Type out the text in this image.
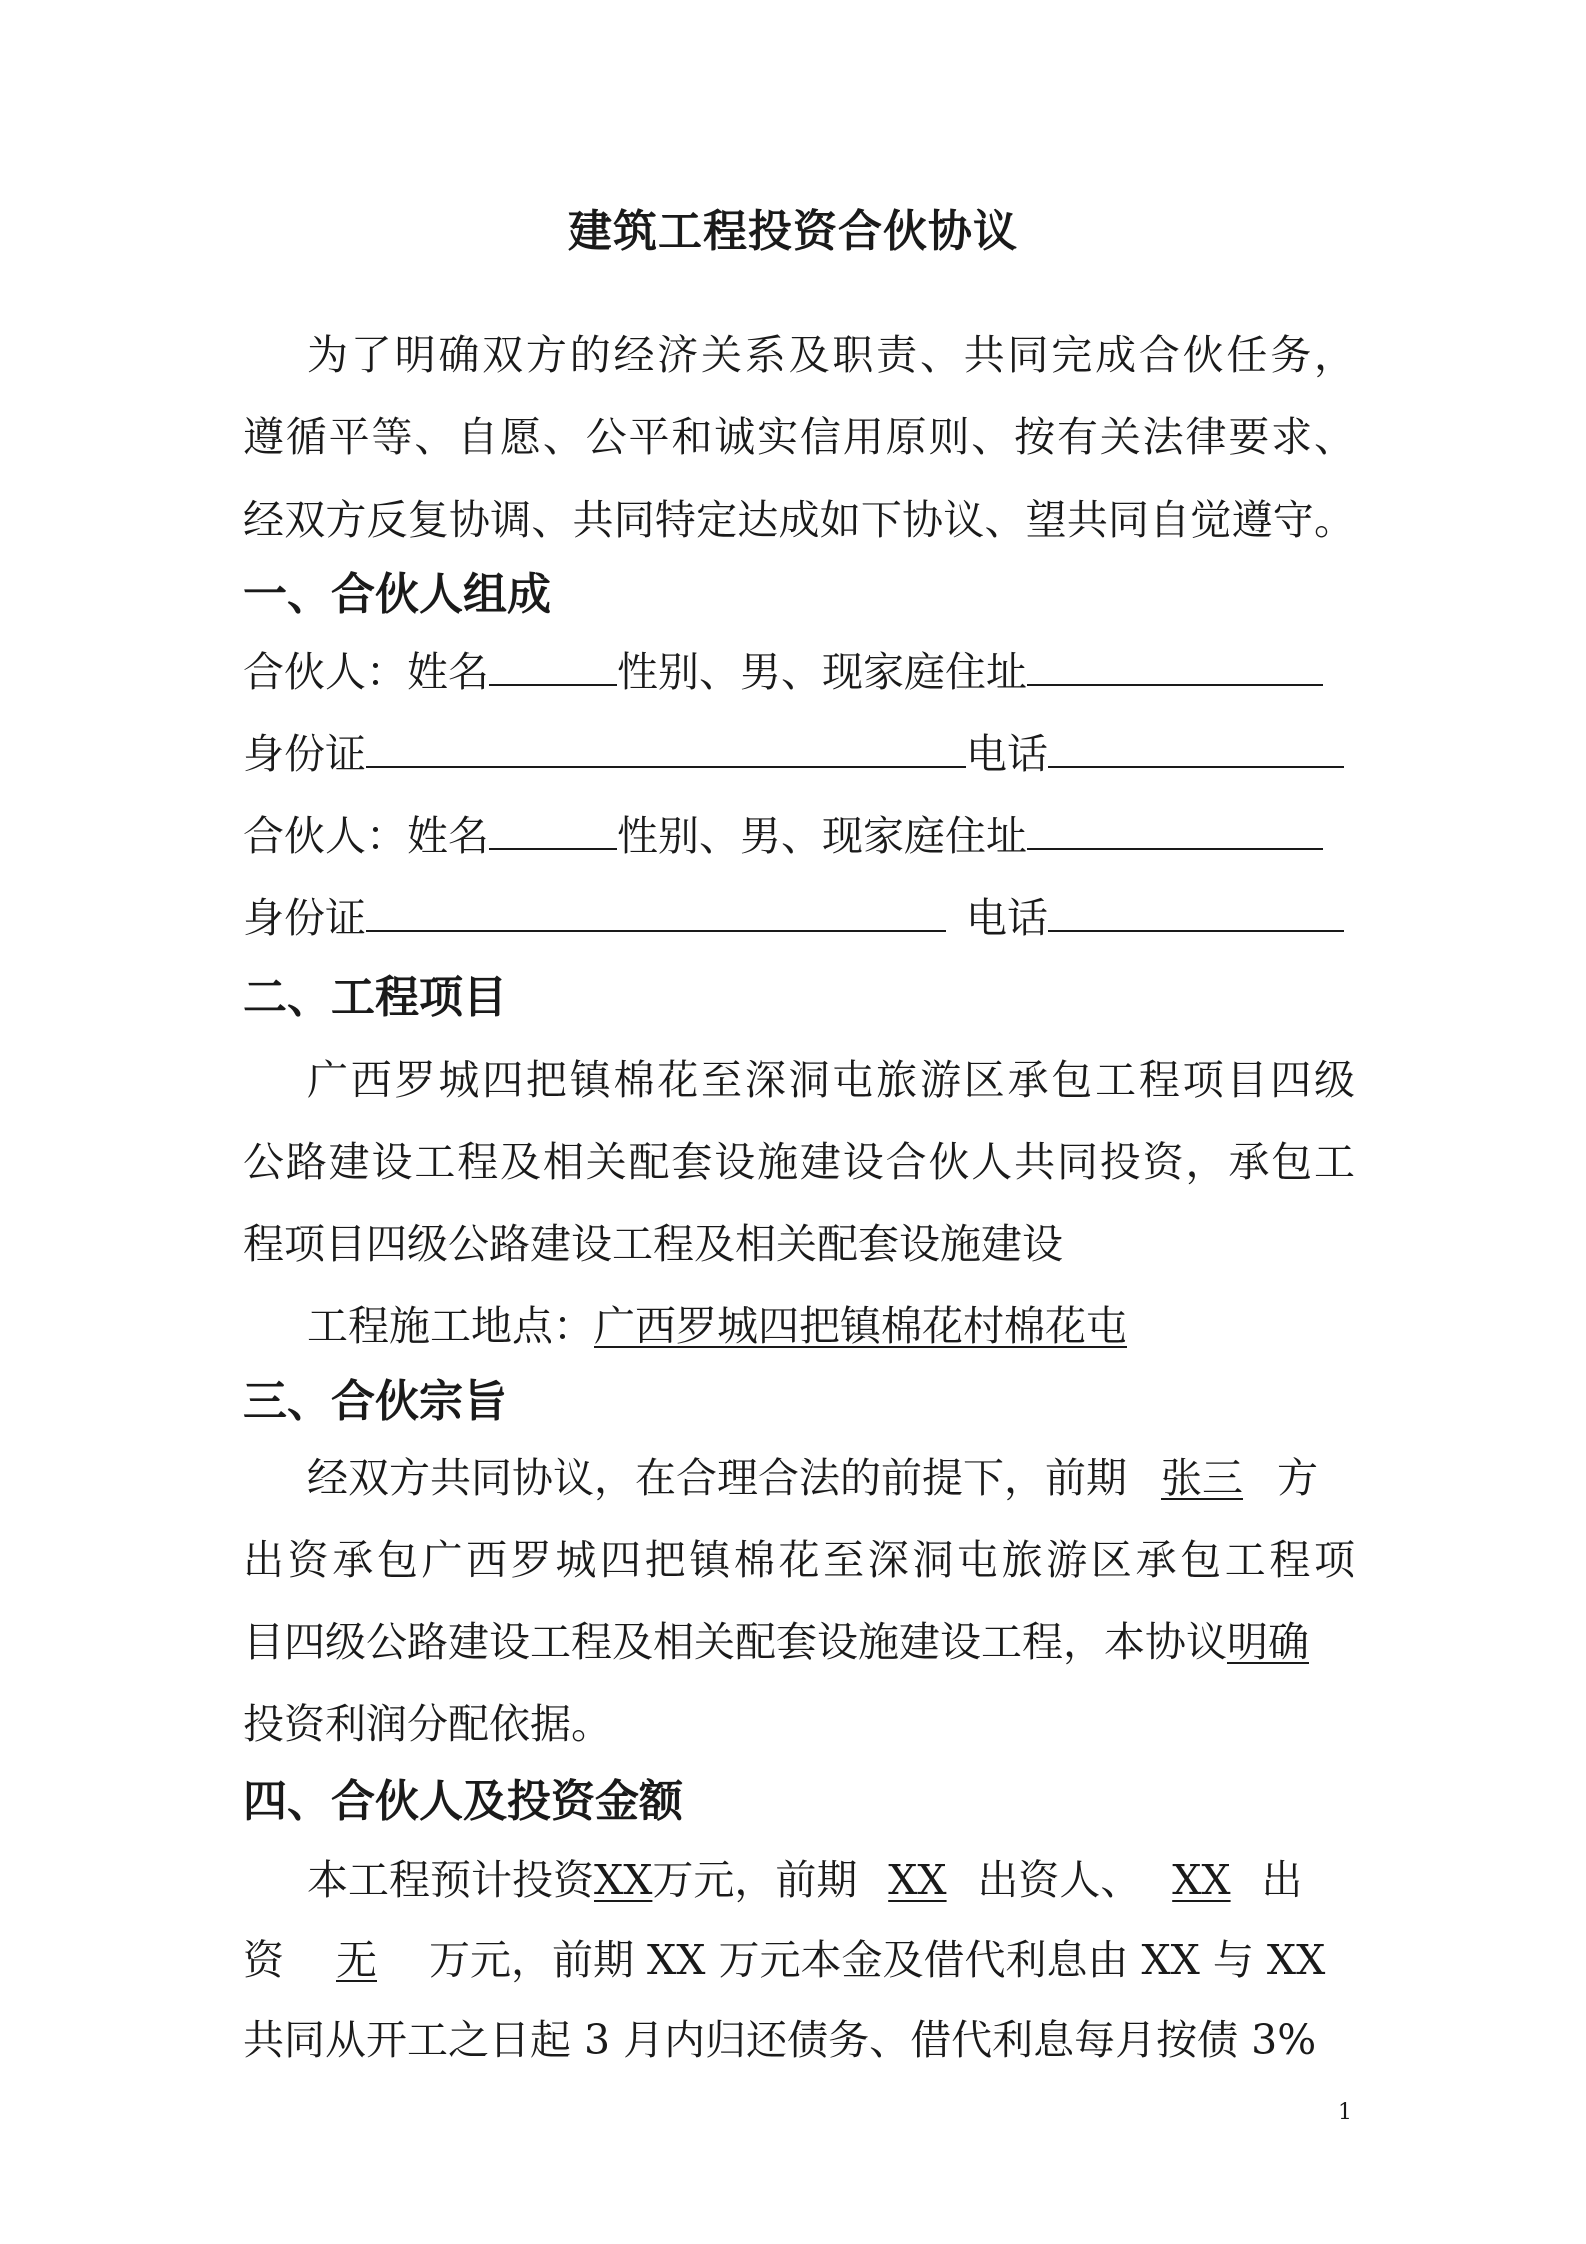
建筑工程投资合伙协议
为了明确双方的经济关系及职责、共同完成合伙任务，
遵循平等、自愿、公平和诚实信用原则、按有关法律要求、
经双方反复协调、共同特定达成如下协议、望共同自觉遵守。
一、合伙人组成
合伙人：姓名	性别、男、现家庭住址
身份证	电话
合伙人：姓名	性别、男、现家庭住址
身份证	电话
二、工程项目
广西罗城四把镇棉花至深洞屯旅游区承包工程项目四级
公路建设工程及相关配套设施建设合伙人共同投资，承包工
程项目四级公路建设工程及相关配套设施建设
工程施工地点：广西罗城四把镇棉花村棉花屯
三、合伙宗旨
经双方共同协议，在合理合法的前提下，前期 张三 方
出资承包广西罗城四把镇棉花至深洞屯旅游区承包工程项
目四级公路建设工程及相关配套设施建设工程，本协议明确
投资利润分配依据。
四、合伙人及投资金额
本工程预计投资XX万元，前期 XX 出资人、 XX 出
资 无 万元，前期 XX 万元本金及借代利息由 XX 与 XX
共同从开工之日起 3 月内归还债务、借代利息每月按债 3%
1
